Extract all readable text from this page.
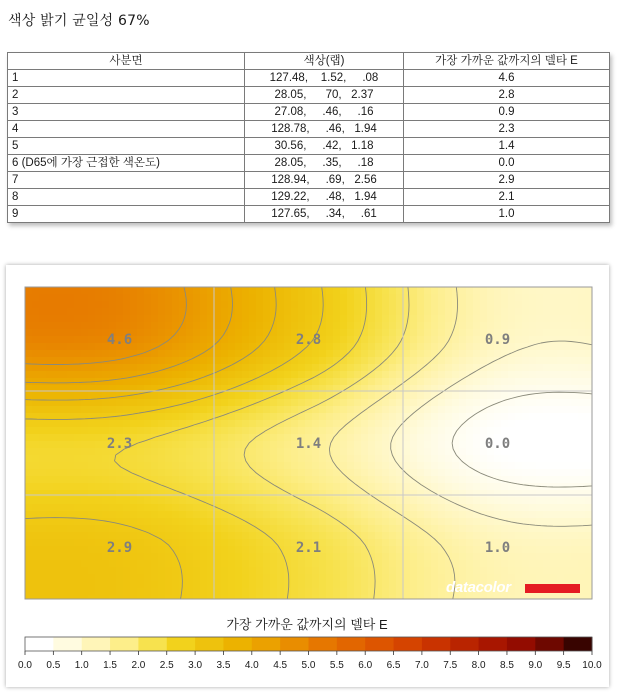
색상 밝기 균일성 67%
사분면	색상(랩)	가장 가까운 값까지의 델타 E
1	127.48,    1.52,     .08	4.6
2	28.05,      70,   2.37	2.8
3	27.08,     .46,     .16	0.9
4	128.78,     .46,   1.94	2.3
5	30.56,     .42,   1.18	1.4
6 (D65에 가장 근접한 색온도)	28.05,     .35,     .18	0.0
7	128.94,     .69,   2.56	2.9
8	129.22,     .48,   1.94	2.1
9	127.65,     .34,     .61	1.0
4.6	2.8	0.9
2.3	1.4	0.0
2.9	2.1	1.0
datacolor
가장 가까운 값까지의 델타 E
0.0 0.5 1.0 1.5 2.0 2.5 3.0 3.5 4.0 4.5 5.0 5.5 6.0 6.5 7.0 7.5 8.0 8.5 9.0 9.5 10.0
